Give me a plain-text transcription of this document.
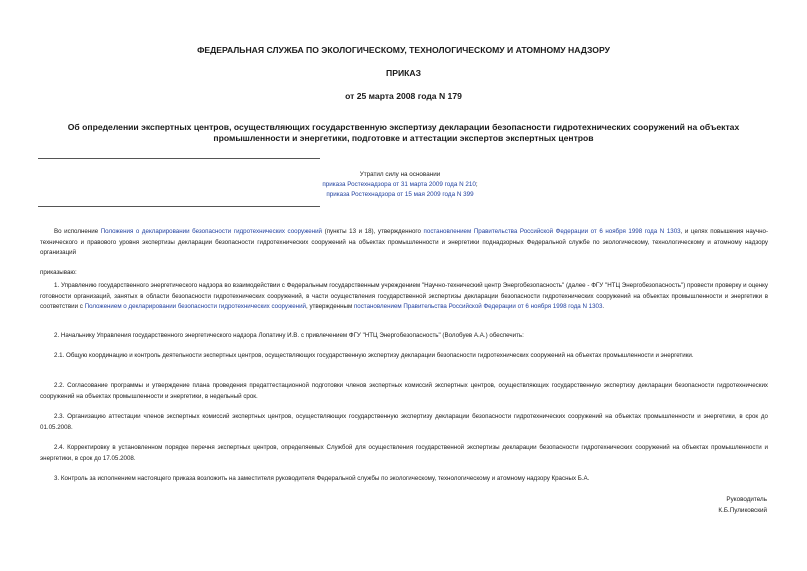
ФЕДЕРАЛЬНАЯ СЛУЖБА ПО ЭКОЛОГИЧЕСКОМУ, ТЕХНОЛОГИЧЕСКОМУ И АТОМНОМУ НАДЗОРУ
ПРИКАЗ
от 25 марта 2008 года N 179
Об определении экспертных центров, осуществляющих государственную экспертизу декларации безопасности гидротехнических сооружений на объектах промышленности и энергетики, подготовке и аттестации экспертов экспертных центров
Утратил силу на основании
приказа Ростехнадзора от 31 марта 2009 года N 210;
приказа Ростехнадзора от 15 мая 2009 года N 399
Во исполнение Положения о декларировании безопасности гидротехнических сооружений (пункты 13 и 18), утвержденного постановлением Правительства Российской Федерации от 6 ноября 1998 года N 1303, и целях повышения научно-технического и правового уровня экспертизы декларации безопасности гидротехнических сооружений на объектах промышленности и энергетики поднадзорных Федеральной службе по экологическому, технологическому и атомному надзору организаций
приказываю:
1. Управлению государственного энергетического надзора во взаимодействии с Федеральным государственным учреждением "Научно-технический центр Энергобезопасность" (далее - ФГУ "НТЦ Энергобезопасность") провести проверку и оценку готовности организаций, занятых в области безопасности гидротехнических сооружений, в части осуществления государственной экспертизы декларации безопасности гидротехнических сооружений на объектах промышленности и энергетики в соответствии с Положением о декларировании безопасности гидротехнических сооружений, утвержденным постановлением Правительства Российской Федерации от 6 ноября 1998 года N 1303.
2. Начальнику Управления государственного энергетического надзора Лопатину И.В. с привлечением ФГУ "НТЦ Энергобезопасность" (Волобуев А.А.) обеспечить:
2.1. Общую координацию и контроль деятельности экспертных центров, осуществляющих государственную экспертизу декларации безопасности гидротехнических сооружений на объектах промышленности и энергетики.
2.2. Согласование программы и утверждение плана проведения предаттестационной подготовки членов экспертных комиссий экспертных центров, осуществляющих государственную экспертизу декларации безопасности гидротехнических сооружений на объектах промышленности и энергетики, в недельный срок.
2.3. Организацию аттестации членов экспертных комиссий экспертных центров, осуществляющих государственную экспертизу декларации безопасности гидротехнических сооружений на объектах промышленности и энергетики, в срок до 01.05.2008.
2.4. Корректировку в установленном порядке перечня экспертных центров, определяемых Службой для осуществления государственной экспертизы декларации безопасности гидротехнических сооружений на объектах промышленности и энергетики, в срок до 17.05.2008.
3. Контроль за исполнением настоящего приказа возложить на заместителя руководителя Федеральной службы по экологическому, технологическому и атомному надзору Красных Б.А.
Руководитель
К.Б.Пуликовский
